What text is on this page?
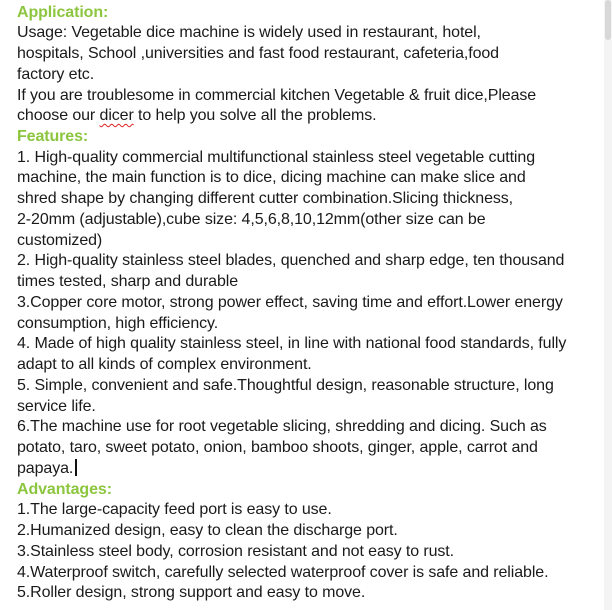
Application:
Usage: Vegetable dice machine is widely used in restaurant, hotel,
hospitals, School ,universities and fast food restaurant, cafeteria,food
factory etc.
If you are troublesome in commercial kitchen Vegetable & fruit dice,Please
choose our dicer to help you solve all the problems.
Features:
1. High-quality commercial multifunctional stainless steel vegetable cutting
machine, the main function is to dice, dicing machine can make slice and
shred shape by changing different cutter combination.Slicing thickness,
2-20mm (adjustable),cube size: 4,5,6,8,10,12mm(other size can be
customized)
2. High-quality stainless steel blades, quenched and sharp edge, ten thousand
times tested, sharp and durable
3.Copper core motor, strong power effect, saving time and effort.Lower energy
consumption, high efficiency.
4. Made of high quality stainless steel, in line with national food standards, fully
adapt to all kinds of complex environment.
5. Simple, convenient and safe.Thoughtful design, reasonable structure, long
service life.
6.The machine use for root vegetable slicing, shredding and dicing. Such as
potato, taro, sweet potato, onion, bamboo shoots, ginger, apple, carrot and
papaya.
Advantages:
1.The large-capacity feed port is easy to use.
2.Humanized design, easy to clean the discharge port.
3.Stainless steel body, corrosion resistant and not easy to rust.
4.Waterproof switch, carefully selected waterproof cover is safe and reliable.
5.Roller design, strong support and easy to move.
